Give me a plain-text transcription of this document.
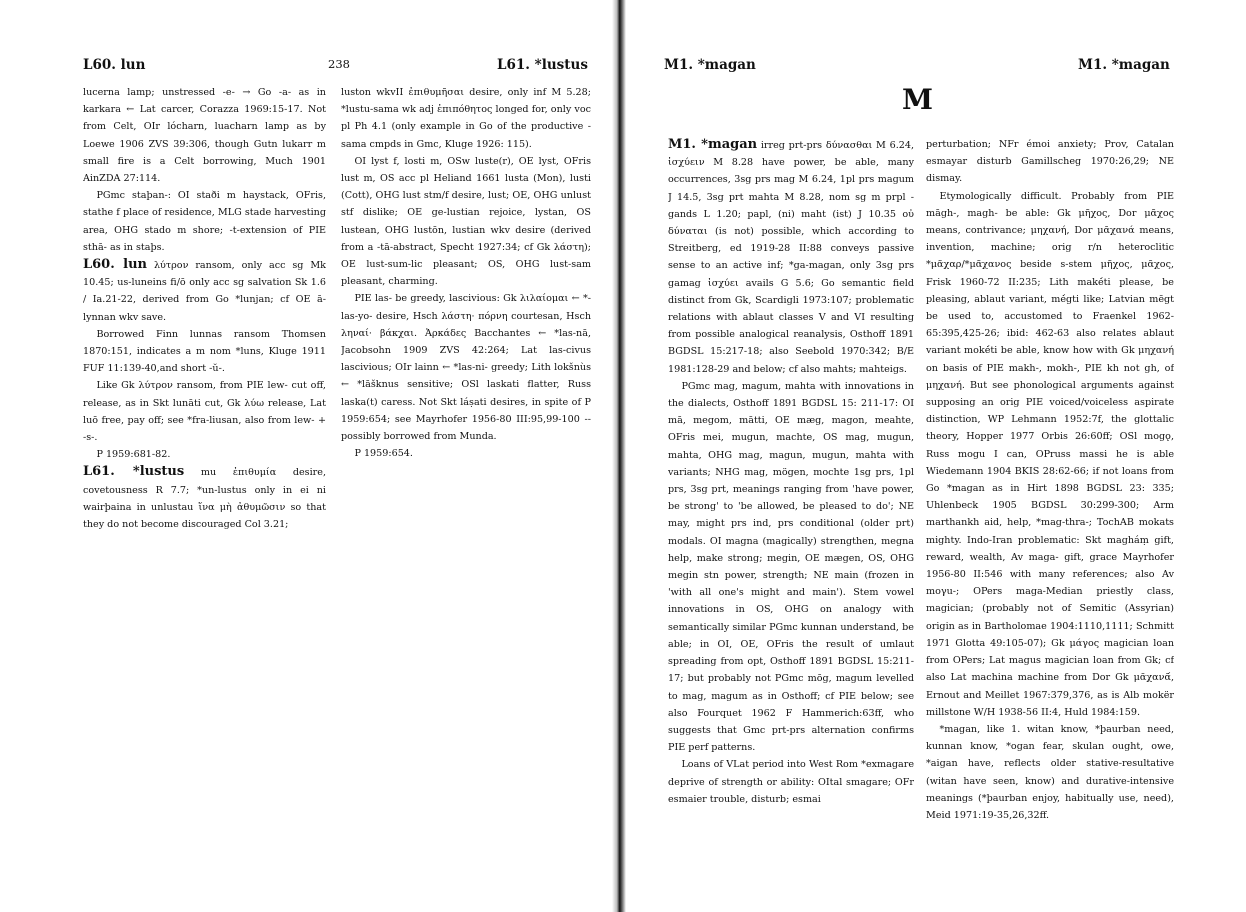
L60. lun	238	L61. *lustus

lucerna lamp; unstressed -e- → Go -a- as in karkara ← Lat carcer, Corazza 1969:15-17. Not from Celt, OIr lócharn, luacharn lamp as by Loewe 1906 ZVS 39:306, though Gutn lukarr m small fire is a Celt borrowing, Much 1901 AinZDA 27:114.

PGmc staþan-: OI staði m haystack, OFris, stathe f place of residence, MLG stade harvesting area, OHG stado m shore; -t-extension of PIE sthā- as in staþs.

L60. lun λύτρον ransom, only acc sg Mk 10.45; us-luneins fi/ō only acc sg salvation Sk 1.6 / Ia.21-22, derived from Go *lunjan; cf OE ā-lynnan wkv save.

Borrowed Finn lunnas ransom Thomsen 1870:151, indicates a m nom *luns, Kluge 1911 FUF 11:139-40,and short -ŭ-.

Like Gk λύτρον ransom, from PIE lew- cut off, release, as in Skt lunāti cut, Gk λύω release, Lat luō free, pay off; see *fra-liusan, also from lew- + -s-.

P 1959:681-82.

L61. *lustus mu ἐπιθυμία desire, covetousness R 7.7; *un-lustus only in ei ni wairþaina in unlustau ἵνα μὴ ἀθυμῶσιν so that they do not become discouraged Col 3.21;

luston wkvII ἐπιθυμῆσαι desire, only inf M 5.28; *lustu-sama wk adj ἐπιπόθητος longed for, only voc pl Ph 4.1 (only example in Go of the productive -sama cmpds in Gmc, Kluge 1926: 115).

OI lyst f, losti m, OSw luste(r), OE lyst, OFris lust m, OS acc pl Heliand 1661 lusta (Mon), lusti (Cott), OHG lust stm/f desire, lust; OE, OHG unlust stf dislike; OE ge-lustian rejoice, lystan, OS lustean, OHG lustōn, lustian wkv desire (derived from a -tā-abstract, Specht 1927:34; cf Gk λάστη); OE lust-sum-lic pleasant; OS, OHG lust-sam pleasant, charming.

PIE las- be greedy, lascivious: Gk λιλαίομαι ← *-las-yo- desire, Hsch λάστη· πόρνη courtesan, Hsch ληναί· βάκχαι. Ἀρκάδες Bacchantes ← *las-nā, Jacobsohn 1909 ZVS 42:264; Lat las-civus lascivious; OIr lainn ← *las-ni- greedy; Lith lokšnùs ← *lāšknus sensitive; OSl laskati flatter, Russ laska(t) caress. Not Skt láṣati desires, in spite of P 1959:654; see Mayrhofer 1956-80 III:95,99-100 -- possibly borrowed from Munda.

P 1959:654.

M1. *magan	M1. *magan

M1. *magan irreg prt-prs δύνασθαι M 6.24, ἰσχύειν M 8.28 have power, be able, many occurrences, 3sg prs mag M 6.24, 1pl prs magum J 14.5, 3sg prt mahta M 8.28, nom sg m prpl -gands L 1.20; papl, (ni) maht (ist) J 10.35 οὐ δύναται (is not) possible, which according to Streitberg, ed 1919-28 II:88 conveys passive sense to an active inf; *ga-magan, only 3sg prs gamag ἰσχύει avails G 5.6; Go semantic field distinct from Gk, Scardigli 1973:107; problematic relations with ablaut classes V and VI resulting from possible analogical reanalysis, Osthoff 1891 BGDSL 15:217-18; also Seebold 1970:342; B/E 1981:128-29 and below; cf also mahts; mahteigs.

PGmc mag, magum, mahta with innovations in the dialects, Osthoff 1891 BGDSL 15: 211-17: OI mā, megom, mātti, OE mæg, magon, meahte, OFris mei, mugun, machte, OS mag, mugun, mahta, OHG mag, magun, mugun, mahta with variants; NHG mag, mögen, mochte 1sg prs, 1pl prs, 3sg prt, meanings ranging from 'have power, be strong' to 'be allowed, be pleased to do'; NE may, might prs ind, prs conditional (older prt) modals. OI magna (magically) strengthen, megna help, make strong; megin, OE mægen, OS, OHG megin stn power, strength; NE main (frozen in 'with all one's might and main'). Stem vowel innovations in OS, OHG on analogy with semantically similar PGmc kunnan understand, be able; in OI, OE, OFris the result of umlaut spreading from opt, Osthoff 1891 BGDSL 15:211-17; but probably not PGmc mōg, magum levelled to mag, magum as in Osthoff; cf PIE below; see also Fourquet 1962 F Hammerich:63ff, who suggests that Gmc prt-prs alternation confirms PIE perf patterns.

Loans of VLat period into West Rom *exmagare deprive of strength or ability: OItal smagare; OFr esmaier trouble, disturb; esmai

perturbation; NFr émoi anxiety; Prov, Catalan esmayar disturb Gamillscheg 1970:26,29; NE dismay.

Etymologically difficult. Probably from PIE māgh-, magh- be able: Gk μῆχος, Dor μᾶχος means, contrivance; μηχανή, Dor μᾱχανά means, invention, machine; orig r/n heteroclitic *μᾶχαρ/*μᾶχανος beside s-stem μῆχος, μᾶχος, Frisk 1960-72 II:235; Lith makė́ti please, be pleasing, ablaut variant, mė́gti like; Latvian mēgt be used to, accustomed to Fraenkel 1962-65:395,425-26; ibid: 462-63 also relates ablaut variant mokė́ti be able, know how with Gk μηχανή on basis of PIE makh-, mokh-, PIE kh not gh, of μηχανή. But see phonological arguments against supposing an orig PIE voiced/voiceless aspirate distinction, WP Lehmann 1952:7f, the glottalic theory, Hopper 1977 Orbis 26:60ff; OSl mogǫ, Russ mogu I can, OPruss massi he is able Wiedemann 1904 BKIS 28:62-66; if not loans from Go *magan as in Hirt 1898 BGDSL 23: 335; Uhlenbeck 1905 BGDSL 30:299-300; Arm marthankh aid, help, *mag-thra-; TochAB mokats mighty. Indo-Iran problematic: Skt magháṃ gift, reward, wealth, Av maga- gift, grace Mayrhofer 1956-80 II:546 with many references; also Av moγu-; OPers maga-Median priestly class, magician; (probably not of Semitic (Assyrian) origin as in Bartholomae 1904:1110,1111; Schmitt 1971 Glotta 49:105-07); Gk μάγος magician loan from OPers; Lat magus magician loan from Gk; cf also Lat machina machine from Dor Gk μᾱχανᾱ́, Ernout and Meillet 1967:379,376, as is Alb mokër millstone W/H 1938-56 II:4, Huld 1984:159.

*magan, like 1. witan know, *þaurban need, kunnan know, *ogan fear, skulan ought, owe, *aigan have, reflects older stative-resultative (witan have seen, know) and durative-intensive meanings (*þaurban enjoy, habitually use, need), Meid 1971:19-35,26,32ff.

M
